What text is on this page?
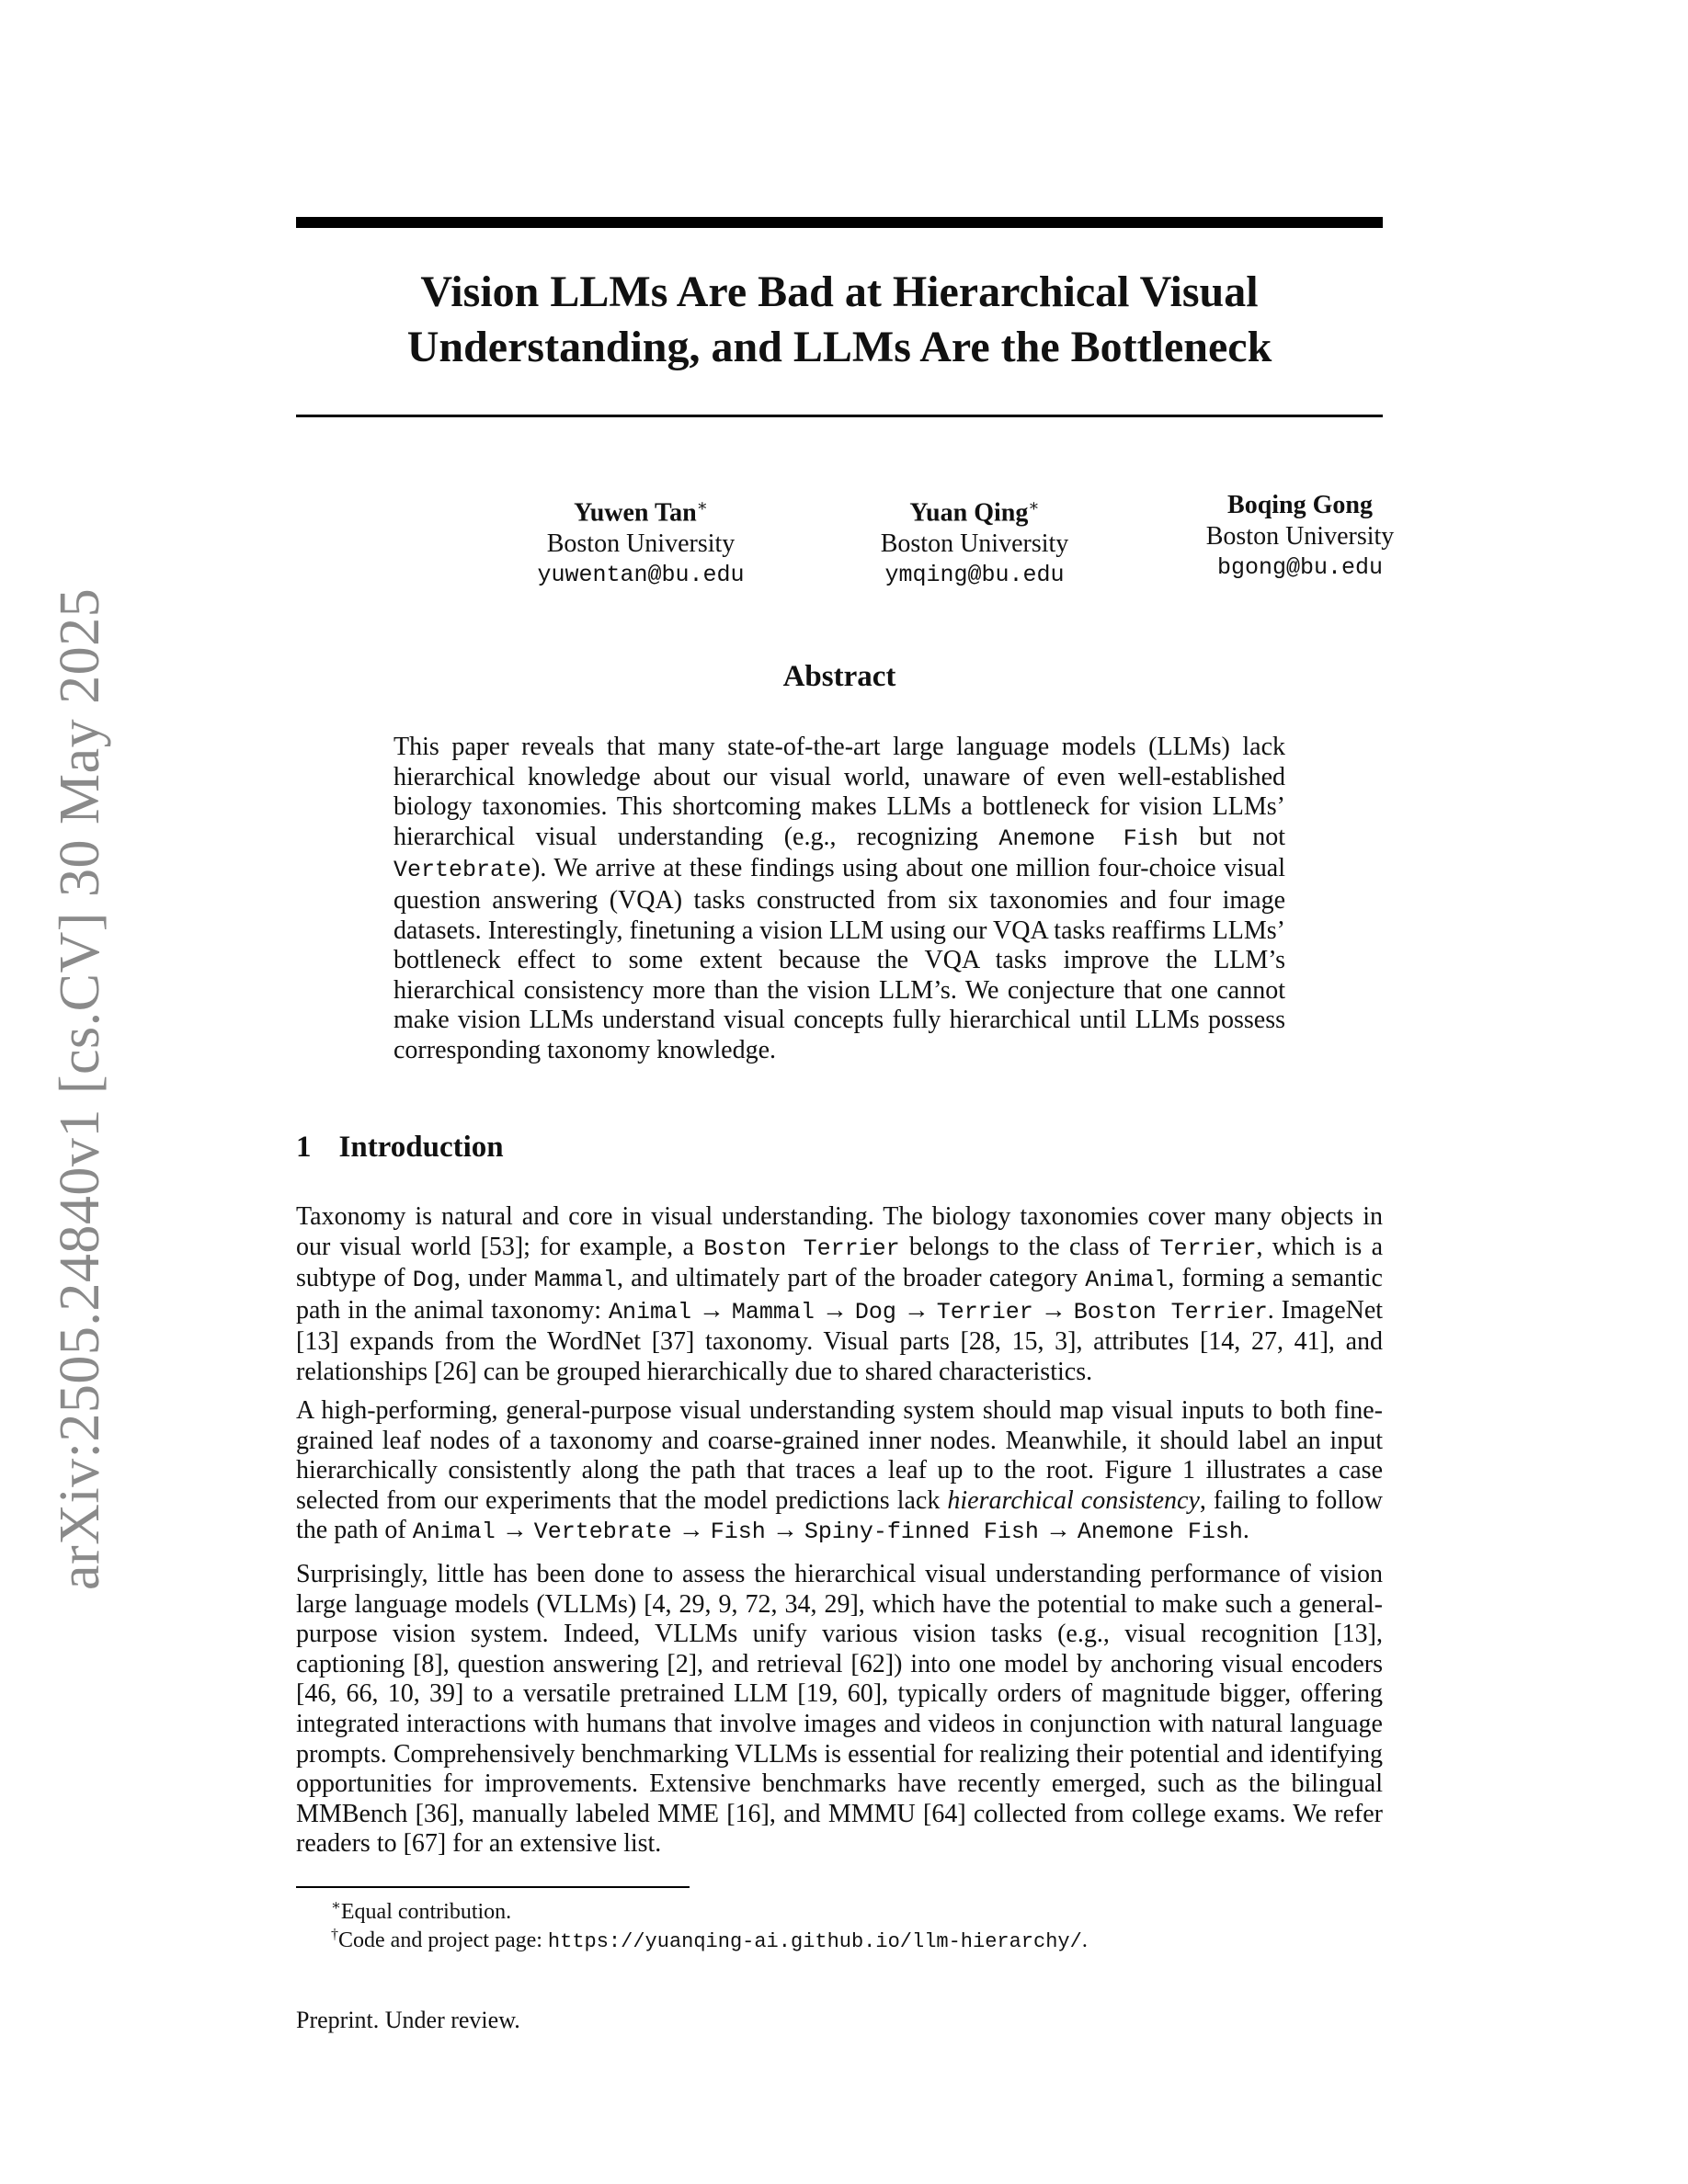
arXiv:2505.24840v1 [cs.CV] 30 May 2025
Vision LLMs Are Bad at Hierarchical Visual
Understanding, and LLMs Are the Bottleneck
Yuwen Tan∗
Boston University
yuwentan@bu.edu
Yuan Qing∗
Boston University
ymqing@bu.edu
Boqing Gong
Boston University
bgong@bu.edu
Abstract
This paper reveals that many state-of-the-art large language models (LLMs) lack hierarchical knowledge about our visual world, unaware of even well-established biology taxonomies. This shortcoming makes LLMs a bottleneck for vision LLMs’ hierarchical visual understanding (e.g., recognizing Anemone Fish but not Vertebrate). We arrive at these findings using about one million four-choice visual question answering (VQA) tasks constructed from six taxonomies and four image datasets. Interestingly, finetuning a vision LLM using our VQA tasks reaffirms LLMs’ bottleneck effect to some extent because the VQA tasks improve the LLM’s hierarchical consistency more than the vision LLM’s. We conjecture that one cannot make vision LLMs understand visual concepts fully hierarchical until LLMs possess corresponding taxonomy knowledge.
1 Introduction
Taxonomy is natural and core in visual understanding. The biology taxonomies cover many objects in our visual world [53]; for example, a Boston Terrier belongs to the class of Terrier, which is a subtype of Dog, under Mammal, and ultimately part of the broader category Animal, forming a semantic path in the animal taxonomy: Animal → Mammal → Dog → Terrier → Boston Terrier. ImageNet [13] expands from the WordNet [37] taxonomy. Visual parts [28, 15, 3], attributes [14, 27, 41], and relationships [26] can be grouped hierarchically due to shared characteristics.
A high-performing, general-purpose visual understanding system should map visual inputs to both fine-grained leaf nodes of a taxonomy and coarse-grained inner nodes. Meanwhile, it should label an input hierarchically consistently along the path that traces a leaf up to the root. Figure 1 illustrates a case selected from our experiments that the model predictions lack hierarchical consistency, failing to follow the path of Animal → Vertebrate → Fish → Spiny-finned Fish → Anemone Fish.
Surprisingly, little has been done to assess the hierarchical visual understanding performance of vision large language models (VLLMs) [4, 29, 9, 72, 34, 29], which have the potential to make such a general-purpose vision system. Indeed, VLLMs unify various vision tasks (e.g., visual recognition [13], captioning [8], question answering [2], and retrieval [62]) into one model by anchoring visual encoders [46, 66, 10, 39] to a versatile pretrained LLM [19, 60], typically orders of magnitude bigger, offering integrated interactions with humans that involve images and videos in conjunction with natural language prompts. Comprehensively benchmarking VLLMs is essential for realizing their potential and identifying opportunities for improvements. Extensive benchmarks have recently emerged, such as the bilingual MMBench [36], manually labeled MME [16], and MMMU [64] collected from college exams. We refer readers to [67] for an extensive list.
∗Equal contribution.
†Code and project page: https://yuanqing-ai.github.io/llm-hierarchy/.
Preprint. Under review.
